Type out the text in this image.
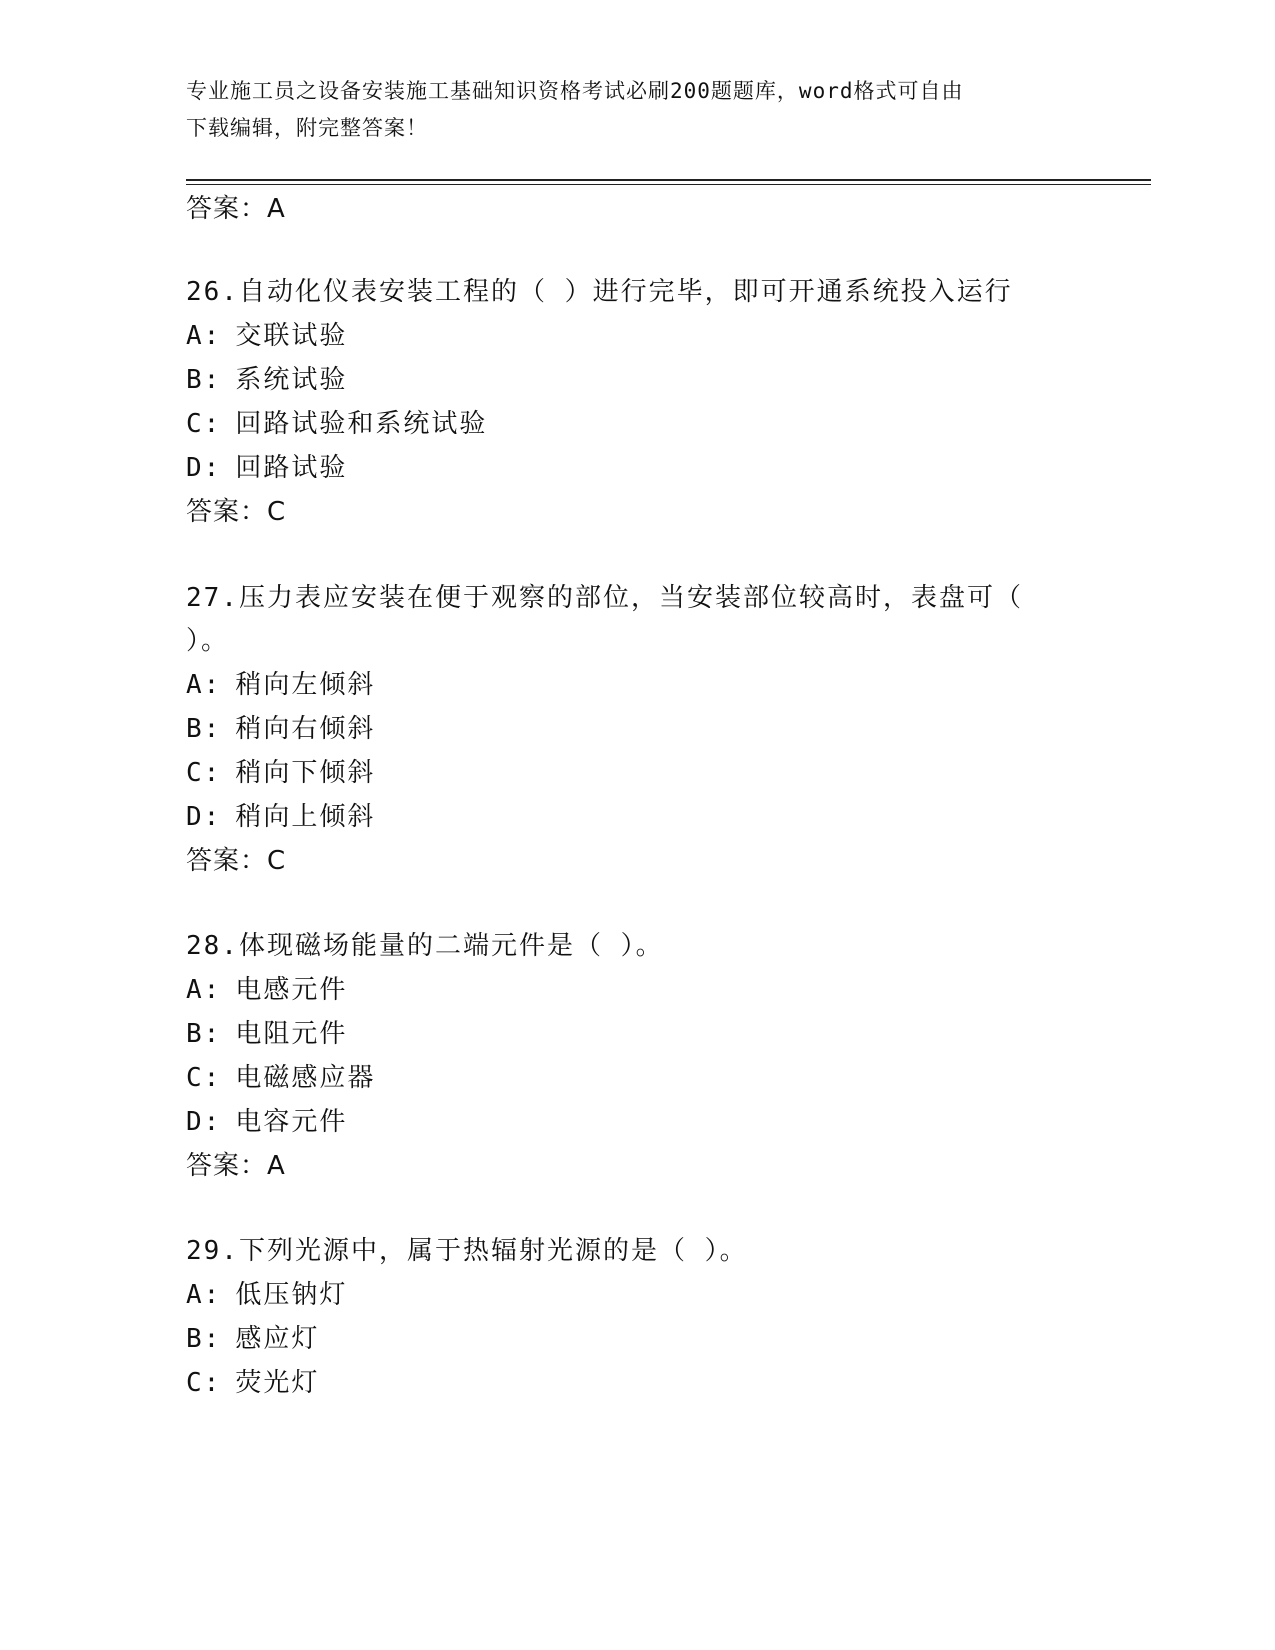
专业施工员之设备安装施工基础知识资格考试必刷200题题库，word格式可自由
下载编辑，附完整答案！
答案：A
26.自动化仪表安装工程的（ ）进行完毕，即可开通系统投入运行
A: 交联试验
B: 系统试验
C: 回路试验和系统试验
D: 回路试验
答案：C
27.压力表应安装在便于观察的部位，当安装部位较高时，表盘可（
）。
A: 稍向左倾斜
B: 稍向右倾斜
C: 稍向下倾斜
D: 稍向上倾斜
答案：C
28.体现磁场能量的二端元件是（ ）。
A: 电感元件
B: 电阻元件
C: 电磁感应器
D: 电容元件
答案：A
29.下列光源中，属于热辐射光源的是（ ）。
A: 低压钠灯
B: 感应灯
C: 荧光灯
